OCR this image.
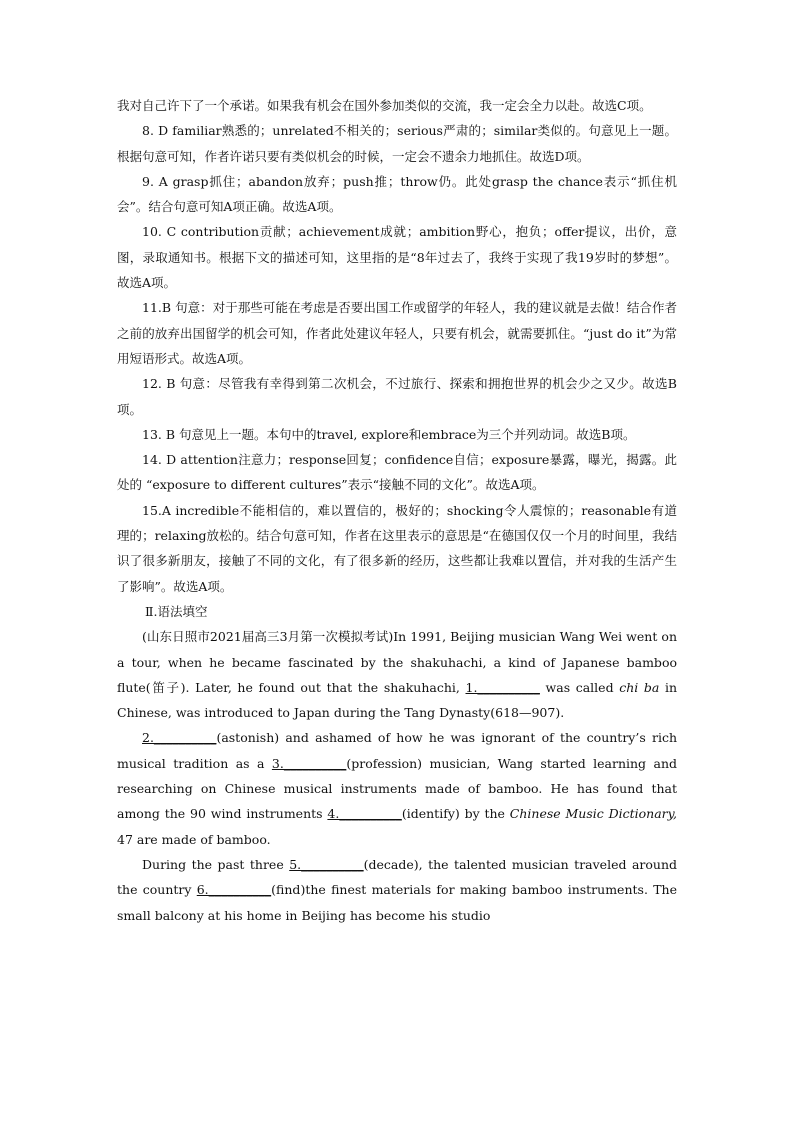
我对自己许下了一个承诺。如果我有机会在国外参加类似的交流，我一定会全力以赴。故选C项。

8. D familiar熟悉的；unrelated不相关的；serious严肃的；similar类似的。句意见上一题。根据句意可知，作者许诺只要有类似机会的时候，一定会不遗余力地抓住。故选D项。

9. A grasp抓住；abandon放弃；push推；throw仍。此处grasp the chance表示“抓住机会”。结合句意可知A项正确。故选A项。

10. C contribution贡献；achievement成就；ambition野心，抱负；offer提议，出价，意图，录取通知书。根据下文的描述可知，这里指的是“8年过去了，我终于实现了我19岁时的梦想”。故选A项。

11.B 句意：对于那些可能在考虑是否要出国工作或留学的年轻人，我的建议就是去做！结合作者之前的放弃出国留学的机会可知，作者此处建议年轻人，只要有机会，就需要抓住。“just do it”为常用短语形式。故选A项。

12. B 句意：尽管我有幸得到第二次机会，不过旅行、探索和拥抱世界的机会少之又少。故选B项。

13. B 句意见上一题。本句中的travel, explore和embrace为三个并列动词。故选B项。

14. D attention注意力；response回复；confidence自信；exposure暴露，曝光，揭露。此处的 “exposure to different cultures”表示“接触不同的文化”。故选A项。

15.A incredible不能相信的，难以置信的，极好的；shocking令人震惊的；reasonable有道理的；relaxing放松的。结合句意可知，作者在这里表示的意思是“在德国仅仅一个月的时间里，我结识了很多新朋友，接触了不同的文化，有了很多新的经历，这些都让我难以置信，并对我的生活产生了影响”。故选A项。

Ⅱ.语法填空

(山东日照市2021届高三3月第一次模拟考试)In 1991, Beijing musician Wang Wei went on a tour, when he became fascinated by the shakuhachi, a kind of Japanese bamboo flute(笛子). Later, he found out that the shakuhachi, 1.__________ was called chi ba in Chinese, was introduced to Japan during the Tang Dynasty(618—907).

2.__________(astonish) and ashamed of how he was ignorant of the country’s rich musical tradition as a 3.__________(profession) musician, Wang started learning and researching on Chinese musical instruments made of bamboo. He has found that among the 90 wind instruments 4.__________(identify) by the Chinese Music Dictionary, 47 are made of bamboo.

During the past three 5.__________(decade), the talented musician traveled around the country 6.__________(find)the finest materials for making bamboo instruments. The small balcony at his home in Beijing has become his studio
